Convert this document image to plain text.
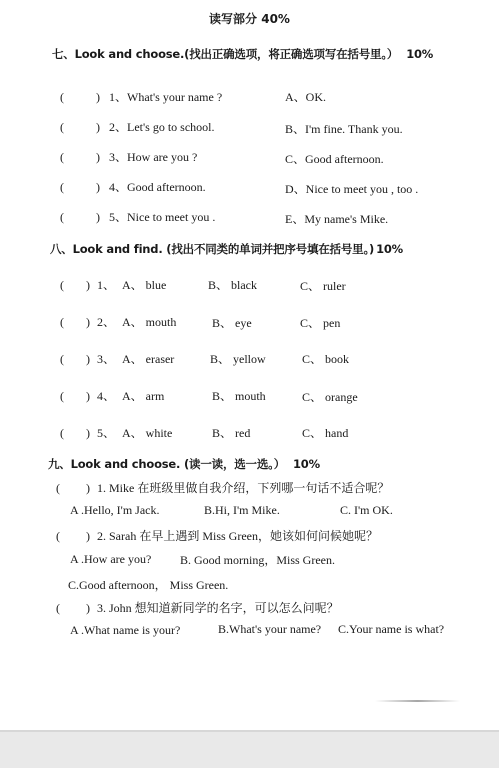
读写部分 40%
七、Look and choose.(找出正确选项，将正确选项写在括号里。） 10%
(	) 1、What's your name ?	A、OK.
(	) 2、Let's go to school.	B、I'm fine. Thank you.
(	) 3、How are you ?	C、Good afternoon.
(	) 4、Good afternoon.	D、Nice to meet you , too .
(	) 5、Nice to meet you .	E、My name's Mike.
八、Look and find. (找出不同类的单词并把序号填在括号里。) 10%
( ) 1、 A、 blue	B、 black	C、 ruler
( ) 2、 A、 mouth	B、 eye	C、 pen
( ) 3、 A、 eraser	B、 yellow	C、 book
( ) 4、 A、 arm	B、 mouth	C、 orange
( ) 5、 A、 white	B、 red	C、 hand
九、Look and choose. (读一读，选一选。） 10%
( ) 1. Mike 在班级里做自我介绍，下列哪一句话不适合呢？
A .Hello, I'm Jack.	B.Hi, I'm Mike.	C. I'm OK.
( ) 2. Sarah 在早上遇到 Miss Green，她该如何问候她呢？
A .How are you? B. Good morning，Miss Green.
C.Good afternoon， Miss Green.
( ) 3. John 想知道新同学的名字，可以怎么问呢？
A .What name is your?	B.What's your name? C.Your name is what?
